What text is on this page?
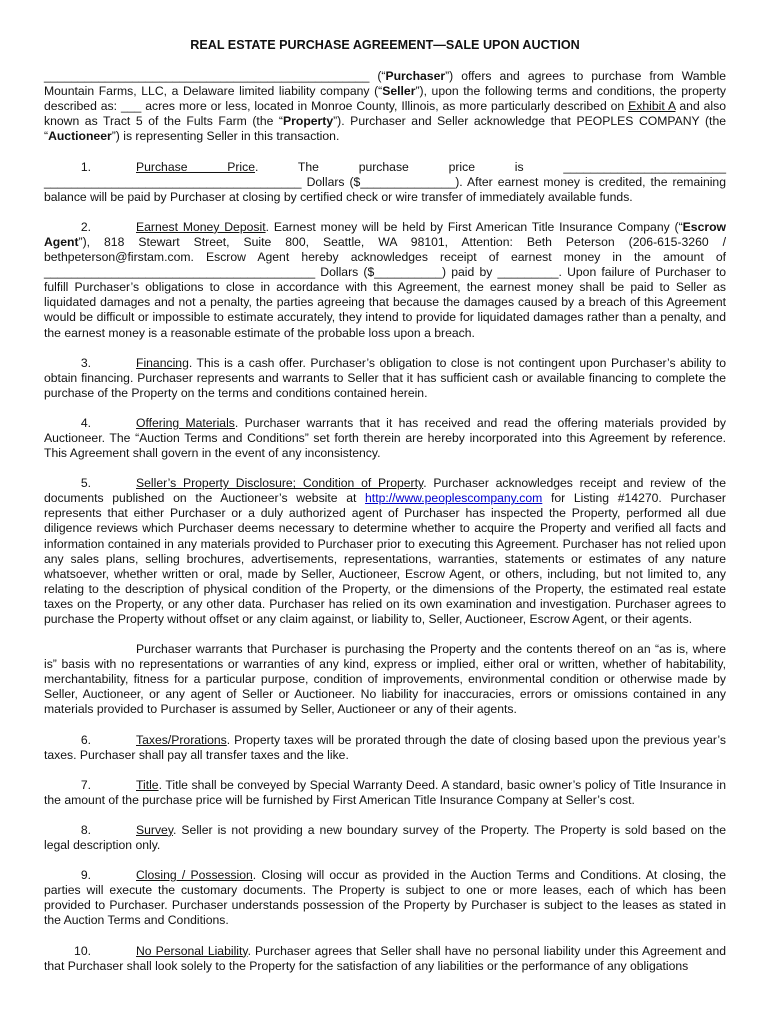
REAL ESTATE PURCHASE AGREEMENT—SALE UPON AUCTION

________________________________________________ (“Purchaser”) offers and agrees to purchase from Wamble Mountain Farms, LLC, a Delaware limited liability company (“Seller”), upon the following terms and conditions, the property described as: ___ acres more or less, located in Monroe County, Illinois, as more particularly described on Exhibit A and also known as Tract 5 of the Fults Farm (the “Property”). Purchaser and Seller acknowledge that PEOPLES COMPANY (the “Auctioneer”) is representing Seller in this transaction.

1.	Purchase Price. The purchase price is ________________________ ______________________________________ Dollars ($______________). After earnest money is credited, the remaining balance will be paid by Purchaser at closing by certified check or wire transfer of immediately available funds.

2.	Earnest Money Deposit. Earnest money will be held by First American Title Insurance Company (“Escrow Agent”), 818 Stewart Street, Suite 800, Seattle, WA 98101, Attention: Beth Peterson (206-615-3260 / bethpeterson@firstam.com. Escrow Agent hereby acknowledges receipt of earnest money in the amount of ________________________________________ Dollars ($__________) paid by _________. Upon failure of Purchaser to fulfill Purchaser’s obligations to close in accordance with this Agreement, the earnest money shall be paid to Seller as liquidated damages and not a penalty, the parties agreeing that because the damages caused by a breach of this Agreement would be difficult or impossible to estimate accurately, they intend to provide for liquidated damages rather than a penalty, and the earnest money is a reasonable estimate of the probable loss upon a breach.

3.	Financing. This is a cash offer. Purchaser’s obligation to close is not contingent upon Purchaser’s ability to obtain financing. Purchaser represents and warrants to Seller that it has sufficient cash or available financing to complete the purchase of the Property on the terms and conditions contained herein.

4.	Offering Materials. Purchaser warrants that it has received and read the offering materials provided by Auctioneer. The “Auction Terms and Conditions” set forth therein are hereby incorporated into this Agreement by reference. This Agreement shall govern in the event of any inconsistency.

5.	Seller’s Property Disclosure; Condition of Property. Purchaser acknowledges receipt and review of the documents published on the Auctioneer’s website at http://www.peoplescompany.com for Listing #14270. Purchaser represents that either Purchaser or a duly authorized agent of Purchaser has inspected the Property, performed all due diligence reviews which Purchaser deems necessary to determine whether to acquire the Property and verified all facts and information contained in any materials provided to Purchaser prior to executing this Agreement. Purchaser has not relied upon any sales plans, selling brochures, advertisements, representations, warranties, statements or estimates of any nature whatsoever, whether written or oral, made by Seller, Auctioneer, Escrow Agent, or others, including, but not limited to, any relating to the description of physical condition of the Property, or the dimensions of the Property, the estimated real estate taxes on the Property, or any other data. Purchaser has relied on its own examination and investigation. Purchaser agrees to purchase the Property without offset or any claim against, or liability to, Seller, Auctioneer, Escrow Agent, or their agents.

Purchaser warrants that Purchaser is purchasing the Property and the contents thereof on an “as is, where is” basis with no representations or warranties of any kind, express or implied, either oral or written, whether of habitability, merchantability, fitness for a particular purpose, condition of improvements, environmental condition or otherwise made by Seller, Auctioneer, or any agent of Seller or Auctioneer. No liability for inaccuracies, errors or omissions contained in any materials provided to Purchaser is assumed by Seller, Auctioneer or any of their agents.

6.	Taxes/Prorations. Property taxes will be prorated through the date of closing based upon the previous year’s taxes. Purchaser shall pay all transfer taxes and the like.

7.	Title. Title shall be conveyed by Special Warranty Deed. A standard, basic owner’s policy of Title Insurance in the amount of the purchase price will be furnished by First American Title Insurance Company at Seller’s cost.

8.	Survey. Seller is not providing a new boundary survey of the Property. The Property is sold based on the legal description only.

9.	Closing / Possession. Closing will occur as provided in the Auction Terms and Conditions. At closing, the parties will execute the customary documents. The Property is subject to one or more leases, each of which has been provided to Purchaser. Purchaser understands possession of the Property by Purchaser is subject to the leases as stated in the Auction Terms and Conditions.

10.	No Personal Liability. Purchaser agrees that Seller shall have no personal liability under this Agreement and that Purchaser shall look solely to the Property for the satisfaction of any liabilities or the performance of any obligations
